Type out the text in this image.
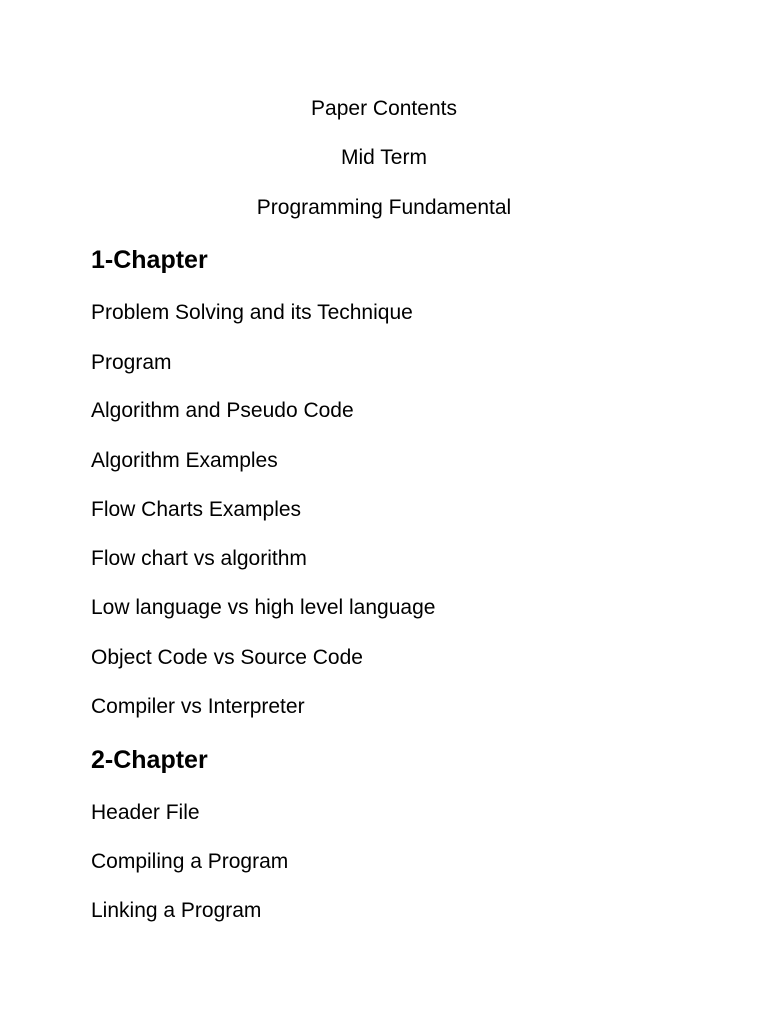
Paper Contents
Mid Term
Programming Fundamental
1-Chapter
Problem Solving and its Technique
Program
Algorithm and Pseudo Code
Algorithm Examples
Flow Charts Examples
Flow chart vs algorithm
Low language vs high level language
Object Code vs Source Code
Compiler vs Interpreter
2-Chapter
Header File
Compiling a Program
Linking a Program
